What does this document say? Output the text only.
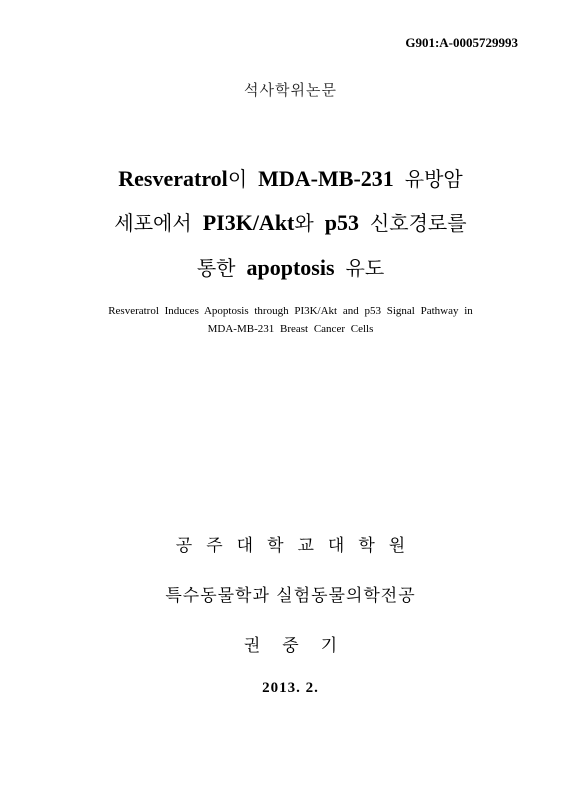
G901:A-0005729993
석사학위논문
Resveratrol이 MDA-MB-231 유방암
세포에서 PI3K/Akt와 p53 신호경로를
통한 apoptosis 유도
Resveratrol Induces Apoptosis through PI3K/Akt and p53 Signal Pathway in
MDA-MB-231 Breast Cancer Cells
공주대학교대학원
특수동물학과 실험동물의학전공
권중기
2013. 2.
